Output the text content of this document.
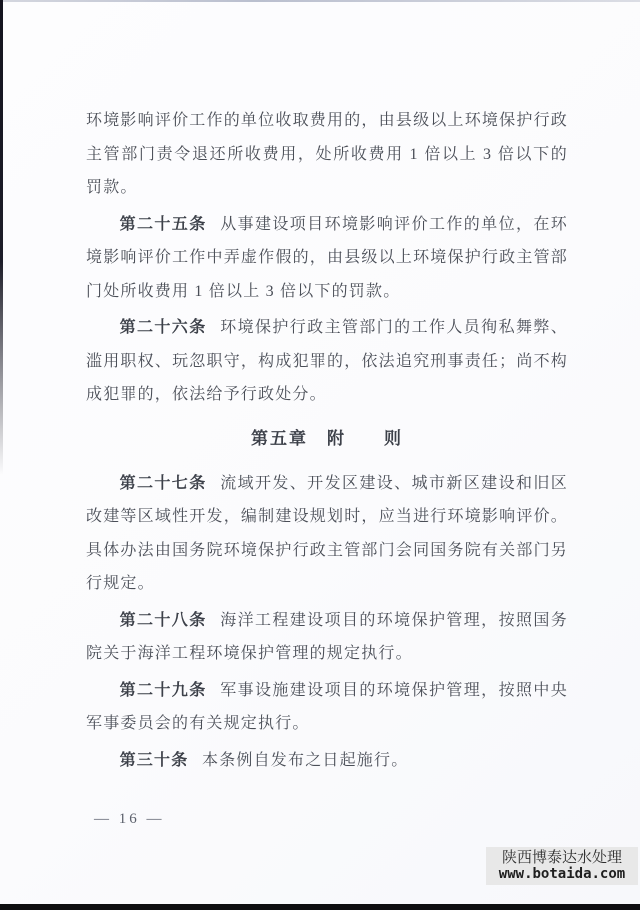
环境影响评价工作的单位收取费用的，由县级以上环境保护行政主管部门责令退还所收费用，处所收费用 1 倍以上 3 倍以下的罚款。

第二十五条 从事建设项目环境影响评价工作的单位，在环境影响评价工作中弄虚作假的，由县级以上环境保护行政主管部门处所收费用 1 倍以上 3 倍以下的罚款。

第二十六条 环境保护行政主管部门的工作人员徇私舞弊、滥用职权、玩忽职守，构成犯罪的，依法追究刑事责任；尚不构成犯罪的，依法给予行政处分。

第五章　附　　则

第二十七条 流域开发、开发区建设、城市新区建设和旧区改建等区域性开发，编制建设规划时，应当进行环境影响评价。具体办法由国务院环境保护行政主管部门会同国务院有关部门另行规定。

第二十八条 海洋工程建设项目的环境保护管理，按照国务院关于海洋工程环境保护管理的规定执行。

第二十九条 军事设施建设项目的环境保护管理，按照中央军事委员会的有关规定执行。

第三十条 本条例自发布之日起施行。

— 16 —
陕西博泰达水处理
www.botaida.com
